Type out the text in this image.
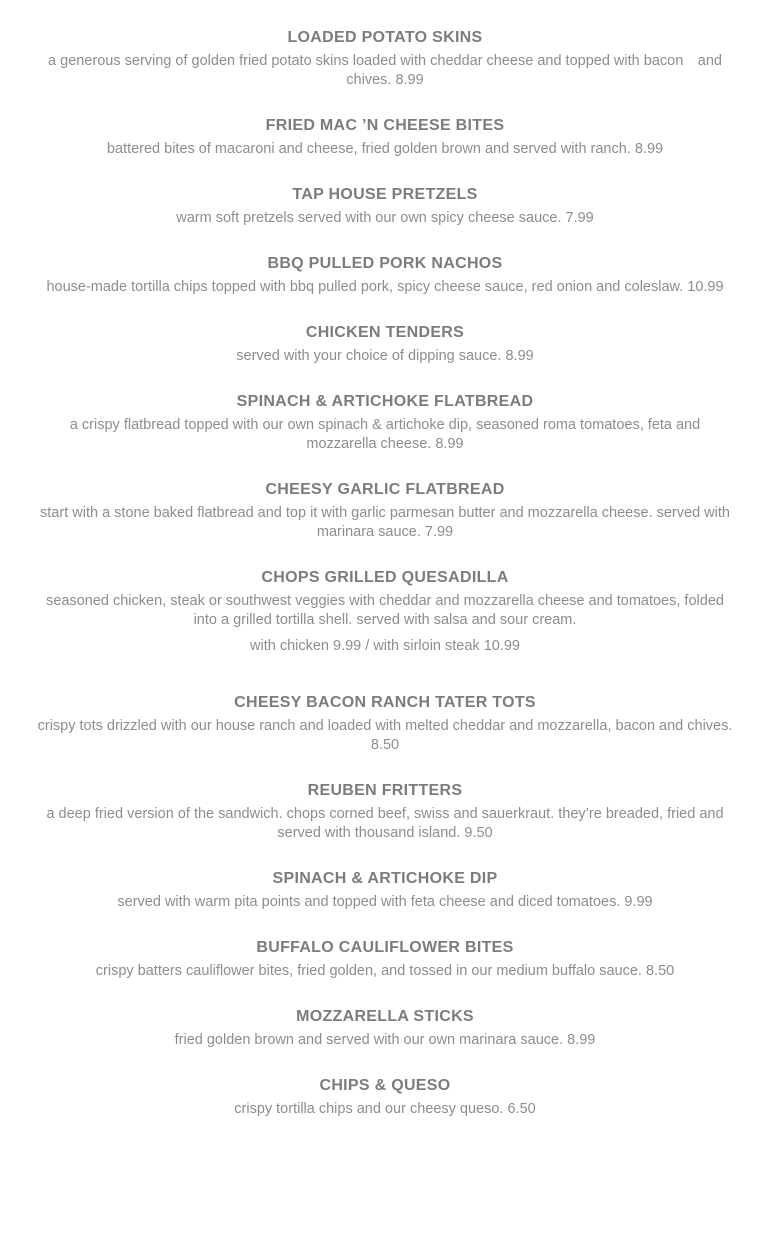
LOADED POTATO SKINS
a generous serving of golden fried potato skins loaded with cheddar cheese and topped with bacon and chives. 8.99
FRIED MAC ’N CHEESE BITES
battered bites of macaroni and cheese, fried golden brown and served with ranch. 8.99
TAP HOUSE PRETZELS
warm soft pretzels served with our own spicy cheese sauce. 7.99
BBQ PULLED PORK NACHOS
house-made tortilla chips topped with bbq pulled pork, spicy cheese sauce, red onion and coleslaw. 10.99
CHICKEN TENDERS
served with your choice of dipping sauce. 8.99
SPINACH & ARTICHOKE FLATBREAD
a crispy flatbread topped with our own spinach & artichoke dip, seasoned roma tomatoes, feta and mozzarella cheese. 8.99
CHEESY GARLIC FLATBREAD
start with a stone baked flatbread and top it with garlic parmesan butter and mozzarella cheese. served with marinara sauce. 7.99
CHOPS GRILLED QUESADILLA
seasoned chicken, steak or southwest veggies with cheddar and mozzarella cheese and tomatoes, folded into a grilled tortilla shell. served with salsa and sour cream.
with chicken 9.99 / with sirloin steak 10.99
CHEESY BACON RANCH TATER TOTS
crispy tots drizzled with our house ranch and loaded with melted cheddar and mozzarella, bacon and chives. 8.50
REUBEN FRITTERS
a deep fried version of the sandwich. chops corned beef, swiss and sauerkraut. they’re breaded, fried and served with thousand island. 9.50
SPINACH & ARTICHOKE DIP
served with warm pita points and topped with feta cheese and diced tomatoes. 9.99
BUFFALO CAULIFLOWER BITES
crispy batters cauliflower bites, fried golden, and tossed in our medium buffalo sauce. 8.50
MOZZARELLA STICKS
fried golden brown and served with our own marinara sauce. 8.99
CHIPS & QUESO
crispy tortilla chips and our cheesy queso. 6.50
